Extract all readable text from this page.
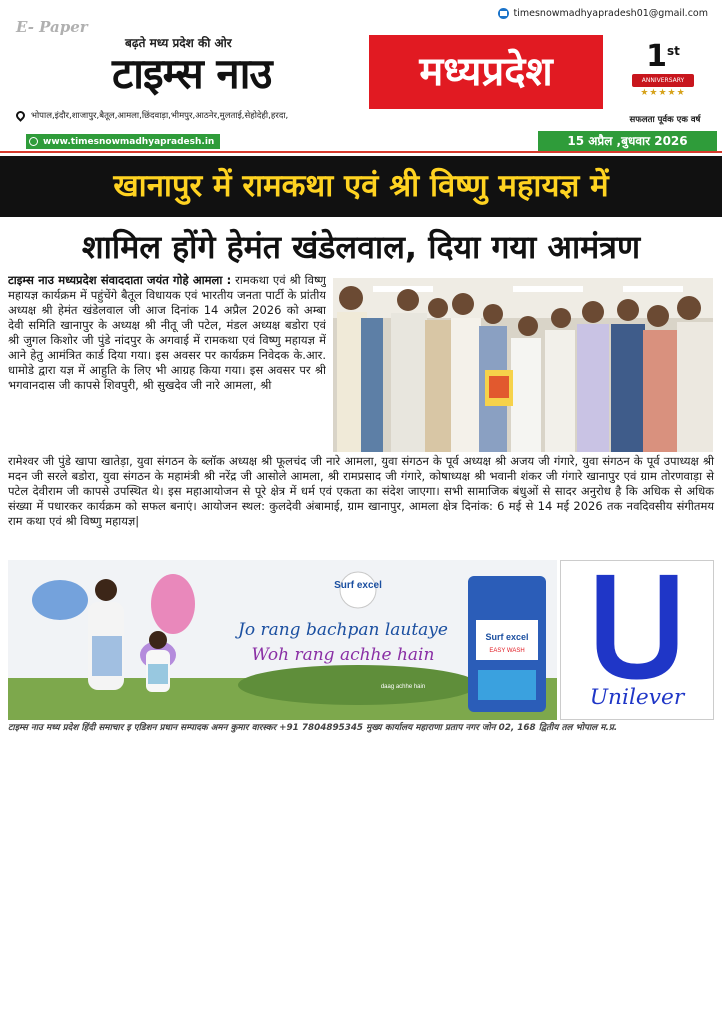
E- Paper
timesnowmadhyapradesh01@gmail.com
बढ़ते मध्य प्रदेश की ओर
टाइम्स नाउ	मध्यप्रदेश	1st
ANNIVERSARY
★★★★★
सफलता पूर्वक एक वर्ष
भोपाल,इंदौर,शाजापुर,बैतूल,आमला,छिंदवाड़ा,भीमपुर,आठनेर,मुलताई,सेहोदेही,हरदा,
www.timesnowmadhyapradesh.in	15 अप्रैल ,बुधवार 2026
खानापुर में रामकथा एवं श्री विष्णु महायज्ञ में
शामिल होंगे हेमंत खंडेलवाल, दिया गया आमंत्रण
टाइम्स नाउ मध्यप्रदेश संवाददाता जयंत गोहे आमला : रामकथा एवं श्री विष्णु महायज्ञ कार्यक्रम में पहुंचेंगे बैतूल विधायक एवं भारतीय जनता पार्टी के प्रांतीय अध्यक्ष श्री हेमंत खंडेलवाल जी आज दिनांक 14 अप्रैल 2026 को अम्बा देवी समिति खानापुर के अध्यक्ष श्री नीतू जी पटेल, मंडल अध्यक्ष बडोरा एवं श्री जुगल किशोर जी पुंडे नांदपुर के अगवाई में रामकथा एवं विष्णु महायज्ञ में आने हेतु आमंत्रित कार्ड दिया गया। इस अवसर पर कार्यक्रम निवेदक के.आर. धामोडे द्वारा यज्ञ में आहुति के लिए भी आग्रह किया गया। इस अवसर पर श्री भगवानदास जी कापसे शिवपुरी, श्री सुखदेव जी नारे आमला, श्री
रामेश्वर जी पुंडे खापा खातेड़ा, युवा संगठन के ब्लॉक अध्यक्ष श्री फूलचंद जी नारे आमला, युवा संगठन के पूर्व अध्यक्ष श्री अजय जी गंगारे, युवा संगठन के पूर्व उपाध्यक्ष श्री मदन जी सरले बडोरा, युवा संगठन के महामंत्री श्री नरेंद्र जी आसोले आमला, श्री रामप्रसाद जी गंगारे, कोषाध्यक्ष श्री भवानी शंकर जी गंगारे खानापुर एवं ग्राम तोरणवाड़ा से पटेल देवीराम जी कापसे उपस्थित थे। इस महाआयोजन से पूरे क्षेत्र में धर्म एवं एकता का संदेश जाएगा। सभी सामाजिक बंधुओं से सादर अनुरोध है कि अधिक से अधिक संख्या में पधारकर कार्यक्रम को सफल बनाएं। आयोजन स्थल: कुलदेवी अंबामाई, ग्राम खानापुर, आमला क्षेत्र दिनांक: 6 मई से 14 मई 2026 तक नवदिवसीय संगीतमय राम कथा एवं श्री विष्णु महायज्ञ|
Surf excel
Jo rang bachpan lautaye
Woh rang achhe hain
daag achhe hain
Surf excel
EASY WASH
Unilever
टाइम्स नाउ मध्य प्रदेश हिंदी समाचार इ एडिशन प्रधान सम्पादक अमन कुमार वारस्कर +91 7804895345 मुख्य कार्यालय महाराणा प्रताप नगर जोन 02, 168 द्वितीय तल भोपाल म.प्र.
